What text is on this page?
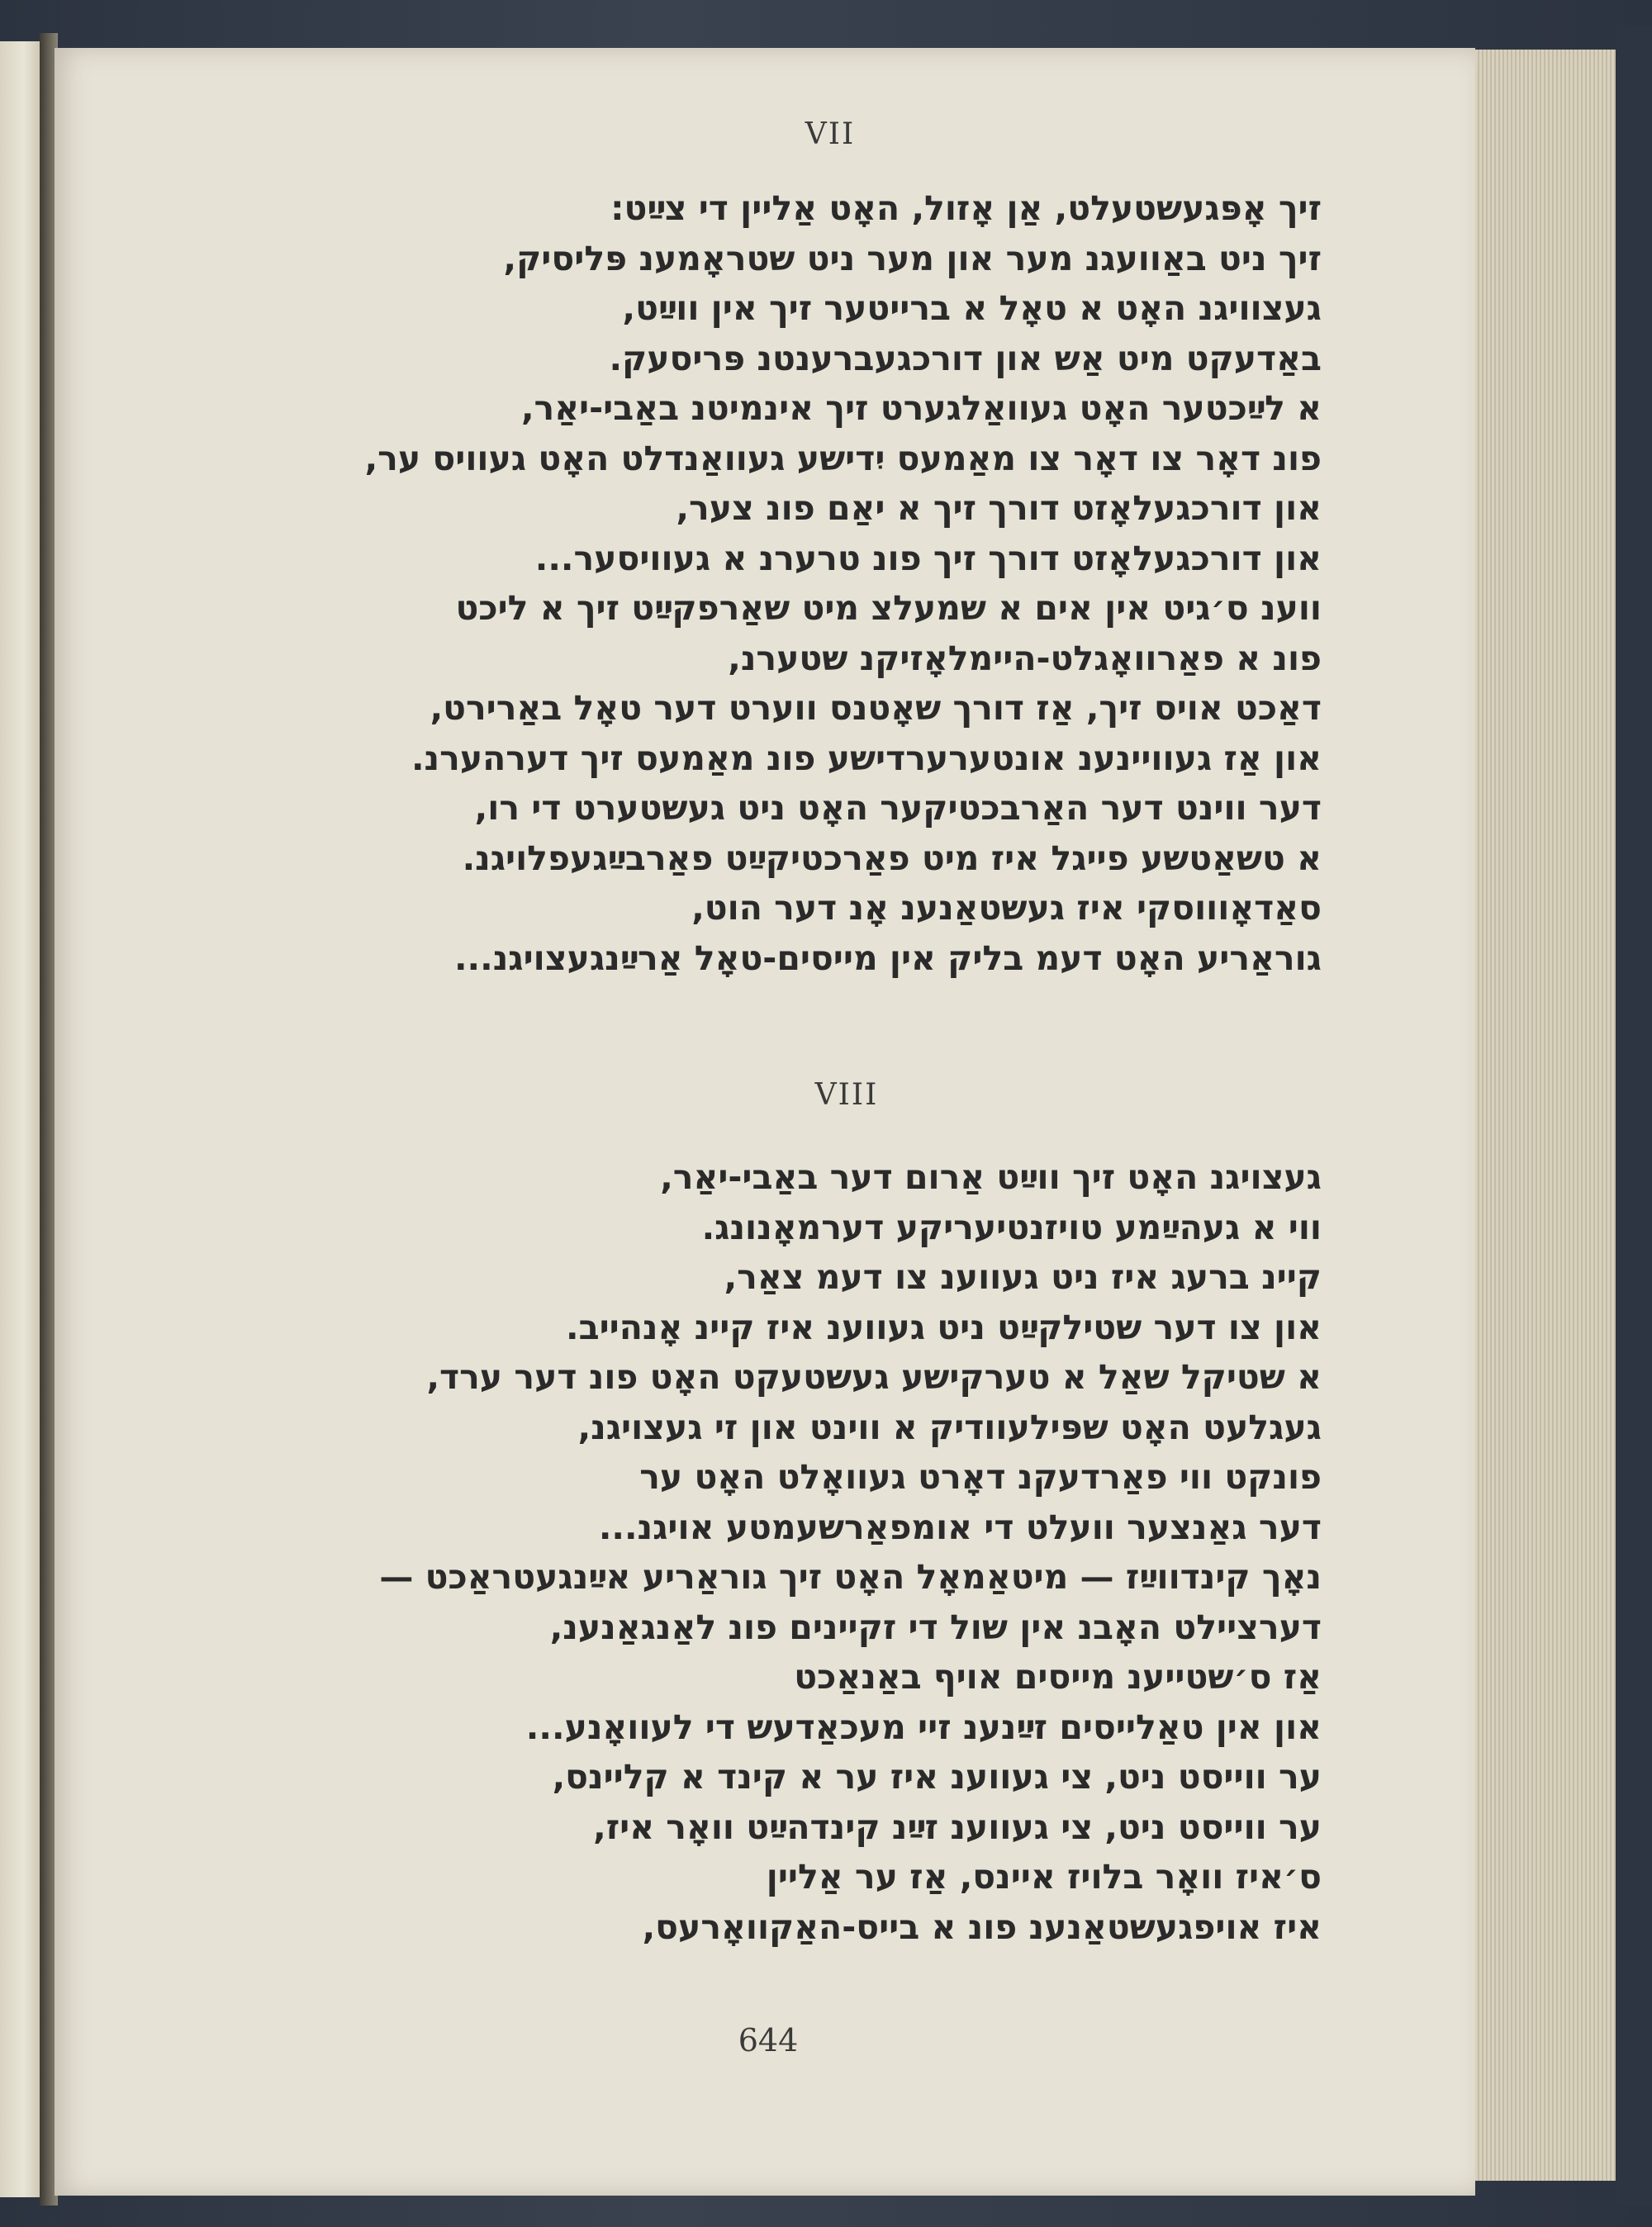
VII
זיך אָפּגעשטעלט, אַן אָזול, האָט אַליין די צײַט:
זיך ניט באַוועגנ מער און מער ניט שטראָמענ פּליסיק,
געצוויגנ האָט א טאָל א ברייטער זיך אין ווײַט,
באַדעקט מיט אַש און דורכגעברענטנ פּריסעק.
א לײַכטער האָט געוואַלגערט זיך אינמיטנ באַבי-יאַר,
פונ דאָר צו דאָר צו מאַמעס יִדישע געוואַנדלט האָט געוויס ער,
און דורכגעלאָזט דורך זיך א יאַם פונ צער,
און דורכגעלאָזט דורך זיך פונ טרערנ א געוויסער...
ווענ ס׳גיט אין אים א שמעלצ מיט שאַרפקײַט זיך א ליכט
פונ א פאַרוואָגלט-היימלאָזיקנ שטערנ,
דאַכט אויס זיך, אַז דורך שאָטנס ווערט דער טאָל באַרירט,
און אַז געוויינענ אונטערערדישע פונ מאַמעס זיך דערהערנ.
דער ווינט דער האַרבכטיקער האָט ניט געשטערט די רו,
א טשאַטשע פייגל איז מיט פאַרכטיקײַט פאַרבײַגעפלויגנ.
סאַדאָוווסקי איז געשטאַנענ אָנ דער הוט,
גוראַריע האָט דעמ בליק אין מייסים-טאָל אַרײַנגעצויגנ...
VIII
געצויגנ האָט זיך ווײַט אַרום דער באַבי-יאַר,
ווי א געהײַמע טויזנטיעריקע דערמאָנונג.
קיינ ברעג איז ניט געווענ צו דעמ צאַר,
און צו דער שטילקײַט ניט געווענ איז קיינ אָנהייב.
א שטיקל שאַל א טערקישע געשטעקט האָט פונ דער ערד,
געגלעט האָט שפּילעוודיק א ווינט און זי געצויגנ,
פונקט ווי פאַרדעקנ דאָרט געוואָלט האָט ער
דער גאַנצער וועלט די אומפאַרשעמטע אויגנ...
נאָך קינדווײַז — מיטאַמאָל האָט זיך גוראַריע אײַנגעטראַכט —
דערציילט האָבנ אין שול די זקיינים פונ לאַנגאַנענ,
אַז ס׳שטייענ מייסים אויף באַנאַכט
און אין טאַלייסים זײַנענ זיי מעכאַדעש די לעוואָנע...
ער ווייסט ניט, צי געווענ איז ער א קינד א קליינס,
ער ווייסט ניט, צי געווענ זײַנ קינדהײַט וואָר איז,
ס׳איז וואָר בלויז איינס, אַז ער אַליין
איז אויפגעשטאַנענ פונ א בייס-האַקוואָרעס,
644
